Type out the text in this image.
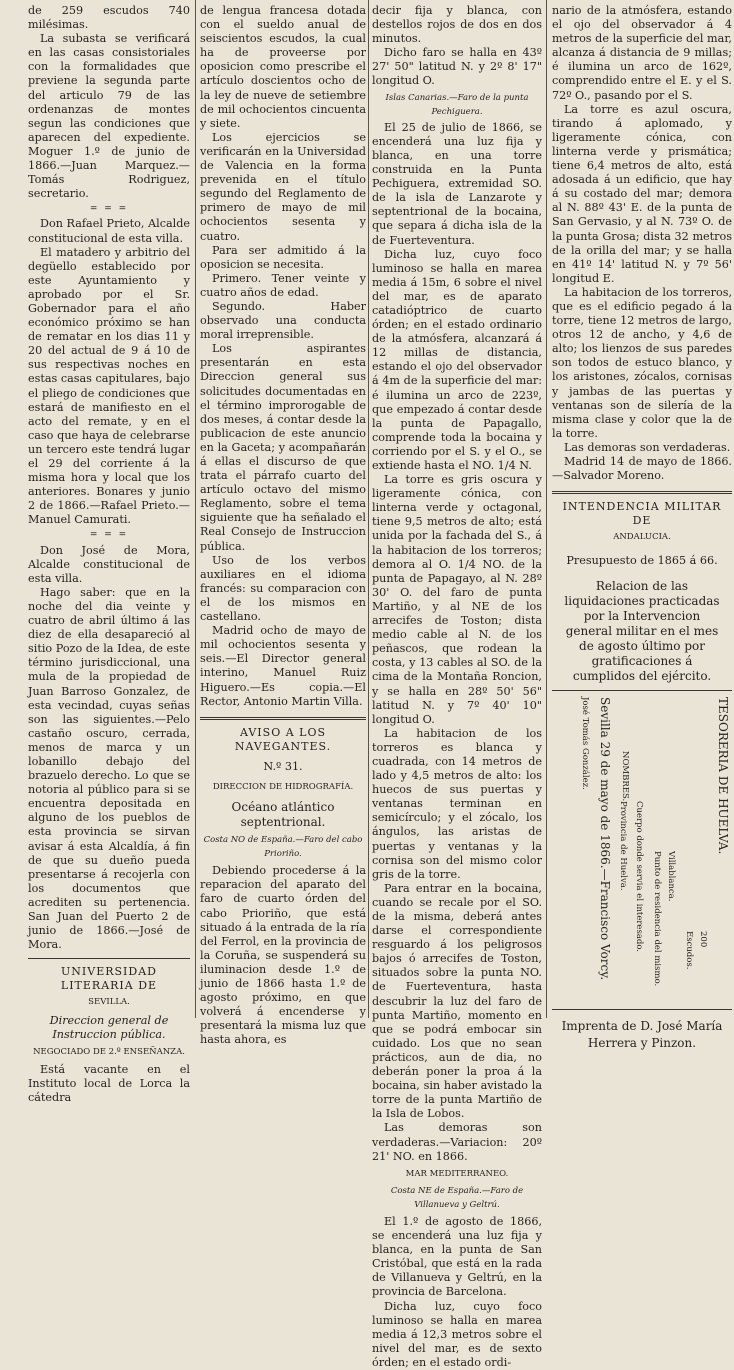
de 259 escudos 740 milésimas.

La subasta se verificará en las casas consistoriales con la formalidades que previene la segunda parte del articulo 79 de las ordenanzas de montes segun las condiciones que aparecen del expediente. Moguer 1.º de junio de 1866.—Juan Marquez.—Tomás Rodriguez, secretario.

= = =

Don Rafael Prieto, Alcalde constitucional de esta villa.

El matadero y arbitrio del degüello establecido por este Ayuntamiento y aprobado por el Sr. Gobernador para el año económico próximo se han de rematar en los dias 11 y 20 del actual de 9 á 10 de sus respectivas noches en estas casas capitulares, bajo el pliego de condiciones que estará de manifiesto en el acto del remate, y en el caso que haya de celebrarse un tercero este tendrá lugar el 29 del corriente á la misma hora y local que los anteriores. Bonares y junio 2 de 1866.—Rafael Prieto.—Manuel Camurati.

= = =

Don José de Mora, Alcalde constitucional de esta villa.

Hago saber: que en la noche del dia veinte y cuatro de abril último á las diez de ella desapareció al sitio Pozo de la Idea, de este término jurisdiccional, una mula de la propiedad de Juan Barroso Gonzalez, de esta vecindad, cuyas señas son las siguientes.—Pelo castaño oscuro, cerrada, menos de marca y un lobanillo debajo del brazuelo derecho. Lo que se notoria al público para si se encuentra depositada en alguno de los pueblos de esta provincia se sirvan avisar á esta Alcaldía, á fin de que su dueño pueda presentarse á recojerla con los documentos que acrediten su pertenencia. San Juan del Puerto 2 de junio de 1866.—José de Mora.

UNIVERSIDAD LITERARIA DE
SEVILLA.
Direccion general de Instruccion pública.
NEGOCIADO DE 2.º ENSEÑANZA.

Está vacante en el Instituto local de Lorca la cátedra

de lengua francesa dotada con el sueldo anual de seiscientos escudos, la cual ha de proveerse por oposicion como prescribe el artículo doscientos ocho de la ley de nueve de setiembre de mil ochocientos cincuenta y siete.

Los ejercicios se verificarán en la Universidad de Valencia en la forma prevenida en el título segundo del Reglamento de primero de mayo de mil ochocientos sesenta y cuatro.

Para ser admitido á la oposicion se necesita.

Primero. Tener veinte y cuatro años de edad.

Segundo. Haber observado una conducta moral irreprensible.

Los aspirantes presentarán en esta Direccion general sus solicitudes documentadas en el término improrogable de dos meses, á contar desde la publicacion de este anuncio en la Gaceta; y acompañarán á ellas el discurso de que trata el párrafo cuarto del artículo octavo del mismo Reglamento, sobre el tema siguiente que ha señalado el Real Consejo de Instruccion pública.

Uso de los verbos auxiliares en el idioma francés: su comparacion con el de los mismos en castellano.

Madrid ocho de mayo de mil ochocientos sesenta y seis.—El Director general interino, Manuel Ruiz Higuero.—Es copia.—El Rector, Antonio Martin Villa.

AVISO A LOS NAVEGANTES.
N.º 31.
DIRECCION DE HIDROGRAFÍA.
Océano atlántico septentrional.
Costa NO de España.—Faro del cabo Prioriño.

Debiendo procederse á la reparacion del aparato del faro de cuarto órden del cabo Prioriño, que está situado á la entrada de la ría del Ferrol, en la provincia de la Coruña, se suspenderá su iluminacion desde 1.º de junio de 1866 hasta 1.º de agosto próximo, en que volverá á encenderse y presentará la misma luz que hasta ahora, es

decir fija y blanca, con destellos rojos de dos en dos minutos.

Dicho faro se halla en 43º 27' 50" latitud N. y 2º 8' 17" longitud O.

Islas Canarias.—Faro de la punta Pechiguera.

El 25 de julio de 1866, se encenderá una luz fija y blanca, en una torre construida en la Punta Pechiguera, extremidad SO. de la isla de Lanzarote y septentrional de la bocaina, que separa á dicha isla de la de Fuerteventura.

Dicha luz, cuyo foco luminoso se halla en marea media á 15m, 6 sobre el nivel del mar, es de aparato catadióptrico de cuarto órden; en el estado ordinario de la atmósfera, alcanzará á 12 millas de distancia, estando el ojo del observador á 4m de la superficie del mar: é ilumina un arco de 223º, que empezado á contar desde la punta de Papagallo, comprende toda la bocaina y corriendo por el S. y el O., se extiende hasta el NO. 1/4 N.

La torre es gris oscura y ligeramente cónica, con linterna verde y octagonal, tiene 9,5 metros de alto; está unida por la fachada del S., á la habitacion de los torreros; demora al O. 1/4 NO. de la punta de Papagayo, al N. 28º 30' O. del faro de punta Martiño, y al NE de los arrecifes de Toston; dista medio cable al N. de los peñascos, que rodean la costa, y 13 cables al SO. de la cima de la Montaña Roncion, y se halla en 28º 50' 56" latitud N. y 7º 40' 10" longitud O.

La habitacion de los torreros es blanca y cuadrada, con 14 metros de lado y 4,5 metros de alto: los huecos de sus puertas y ventanas terminan en semicírculo; y el zócalo, los ángulos, las aristas de puertas y ventanas y la cornisa son del mismo color gris de la torre.

Para entrar en la bocaina, cuando se recale por el SO. de la misma, deberá antes darse el correspondiente resguardo á los peligrosos bajos ó arrecifes de Toston, situados sobre la punta NO. de Fuerteventura, hasta descubrir la luz del faro de punta Martiño, momento en que se podrá embocar sin cuidado. Los que no sean prácticos, aun de dia, no deberán poner la proa á la bocaina, sin haber avistado la torre de la punta Martiño de la Isla de Lobos.

Las demoras son verdaderas.—Variacion: 20º 21' NO. en 1866.

MAR MEDITERRANEO.
Costa NE de España.—Faro de Villanueva y Geltrú.

El 1.º de agosto de 1866, se encenderá una luz fija y blanca, en la punta de San Cristóbal, que está en la rada de Villanueva y Geltrú, en la provincia de Barcelona.

Dicha luz, cuyo foco luminoso se halla en marea media á 12,3 metros sobre el nivel del mar, es de sexto órden; en el estado ordi-

nario de la atmósfera, estando el ojo del observador á 4 metros de la superficie del mar, alcanza á distancia de 9 millas; é ilumina un arco de 162º, comprendido entre el E. y el S. 72º O., pasando por el S.

La torre es azul oscura, tirando á aplomado, y ligeramente cónica, con linterna verde y prismática; tiene 6,4 metros de alto, está adosada á un edificio, que hay á su costado del mar; demora al N. 88º 43' E. de la punta de San Gervasio, y al N. 73º O. de la punta Grosa; dista 32 metros de la orilla del mar; y se halla en 41º 14' latitud N. y 7º 56' longitud E.

La habitacion de los torreros, que es el edificio pegado á la torre, tiene 12 metros de largo, otros 12 de ancho, y 4,6 de alto; los lienzos de sus paredes son todos de estuco blanco, y los aristones, zócalos, cornisas y jambas de las puertas y ventanas son de silería de la misma clase y color que la de la torre.

Las demoras son verdaderas.

Madrid 14 de mayo de 1866.—Salvador Moreno.

INTENDENCIA MILITAR DE
ANDALUCIA.
Presupuesto de 1865 á 66.
Relacion de las liquidaciones practicadas por la Intervencion general militar en el mes de agosto último por gratificaciones á cumplidos del ejército.
TESORERIA DE HUELVA.
Sevilla 29 de mayo de 1866.—Francisco Vorcy.
José Tomás González.	NOMBRES.
Cuerpo donde servia el interesado.
Provincia de Huelva.
Punto de residencia del mismo. Villablanca.
Escudos. 200
Imprenta de D. José María Herrera y Pinzon.
